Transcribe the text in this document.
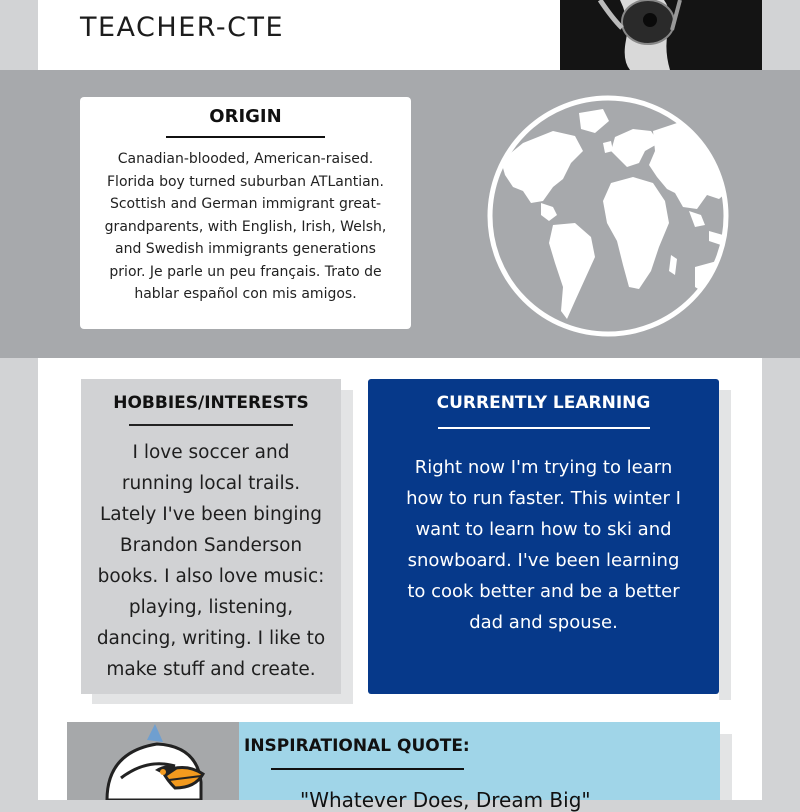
TEACHER-CTE
ORIGIN
Canadian-blooded, American-raised.
Florida boy turned suburban ATLantian.
Scottish and German immigrant great-
grandparents, with English, Irish, Welsh,
and Swedish immigrants generations
prior. Je parle un peu français. Trato de
hablar español con mis amigos.
HOBBIES/INTERESTS
I love soccer and
running local trails.
Lately I've been binging
Brandon Sanderson
books. I also love music:
playing, listening,
dancing, writing. I like to
make stuff and create.
CURRENTLY LEARNING
Right now I'm trying to learn
how to run faster. This winter I
want to learn how to ski and
snowboard. I've been learning
to cook better and be a better
dad and spouse.
INSPIRATIONAL QUOTE:
"Whatever Does, Dream Big"
